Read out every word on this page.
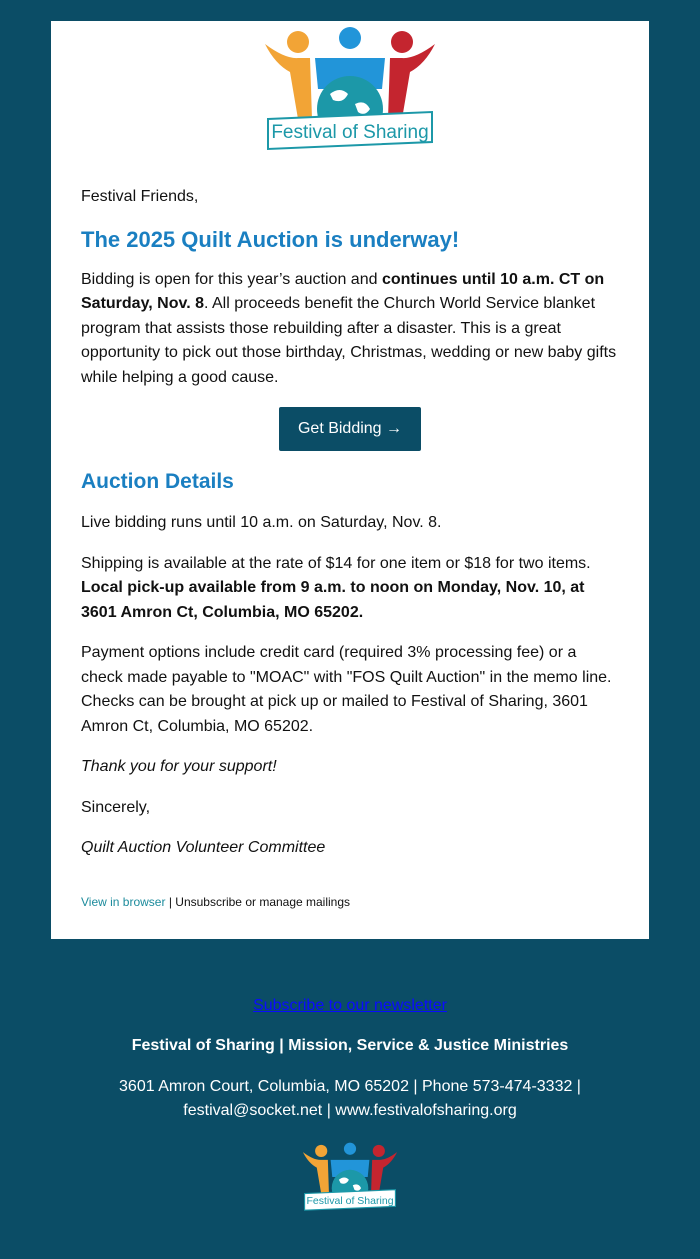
Festival Friends,

The 2025 Quilt Auction is underway!

Bidding is open for this year’s auction and continues until 10 a.m. CT on Saturday, Nov. 8. All proceeds benefit the Church World Service blanket program that assists those rebuilding after a disaster. This is a great opportunity to pick out those birthday, Christmas, wedding or new baby gifts while helping a good cause.

Get Bidding →
Auction Details

Live bidding runs until 10 a.m. on Saturday, Nov. 8.

Shipping is available at the rate of $14 for one item or $18 for two items. Local pick-up available from 9 a.m. to noon on Monday, Nov. 10, at 3601 Amron Ct, Columbia, MO 65202.

Payment options include credit card (required 3% processing fee) or a check made payable to "MOAC" with "FOS Quilt Auction" in the memo line. Checks can be brought at pick up or mailed to Festival of Sharing, 3601 Amron Ct, Columbia, MO 65202.

Thank you for your support!

Sincerely,

Quilt Auction Volunteer Committee

View in browser | Unsubscribe or manage mailings
Subscribe to our newsletter
Festival of Sharing | Mission, Service & Justice Ministries
3601 Amron Court, Columbia, MO 65202 | Phone 573-474-3332 |
festival@socket.net | www.festivalofsharing.org
